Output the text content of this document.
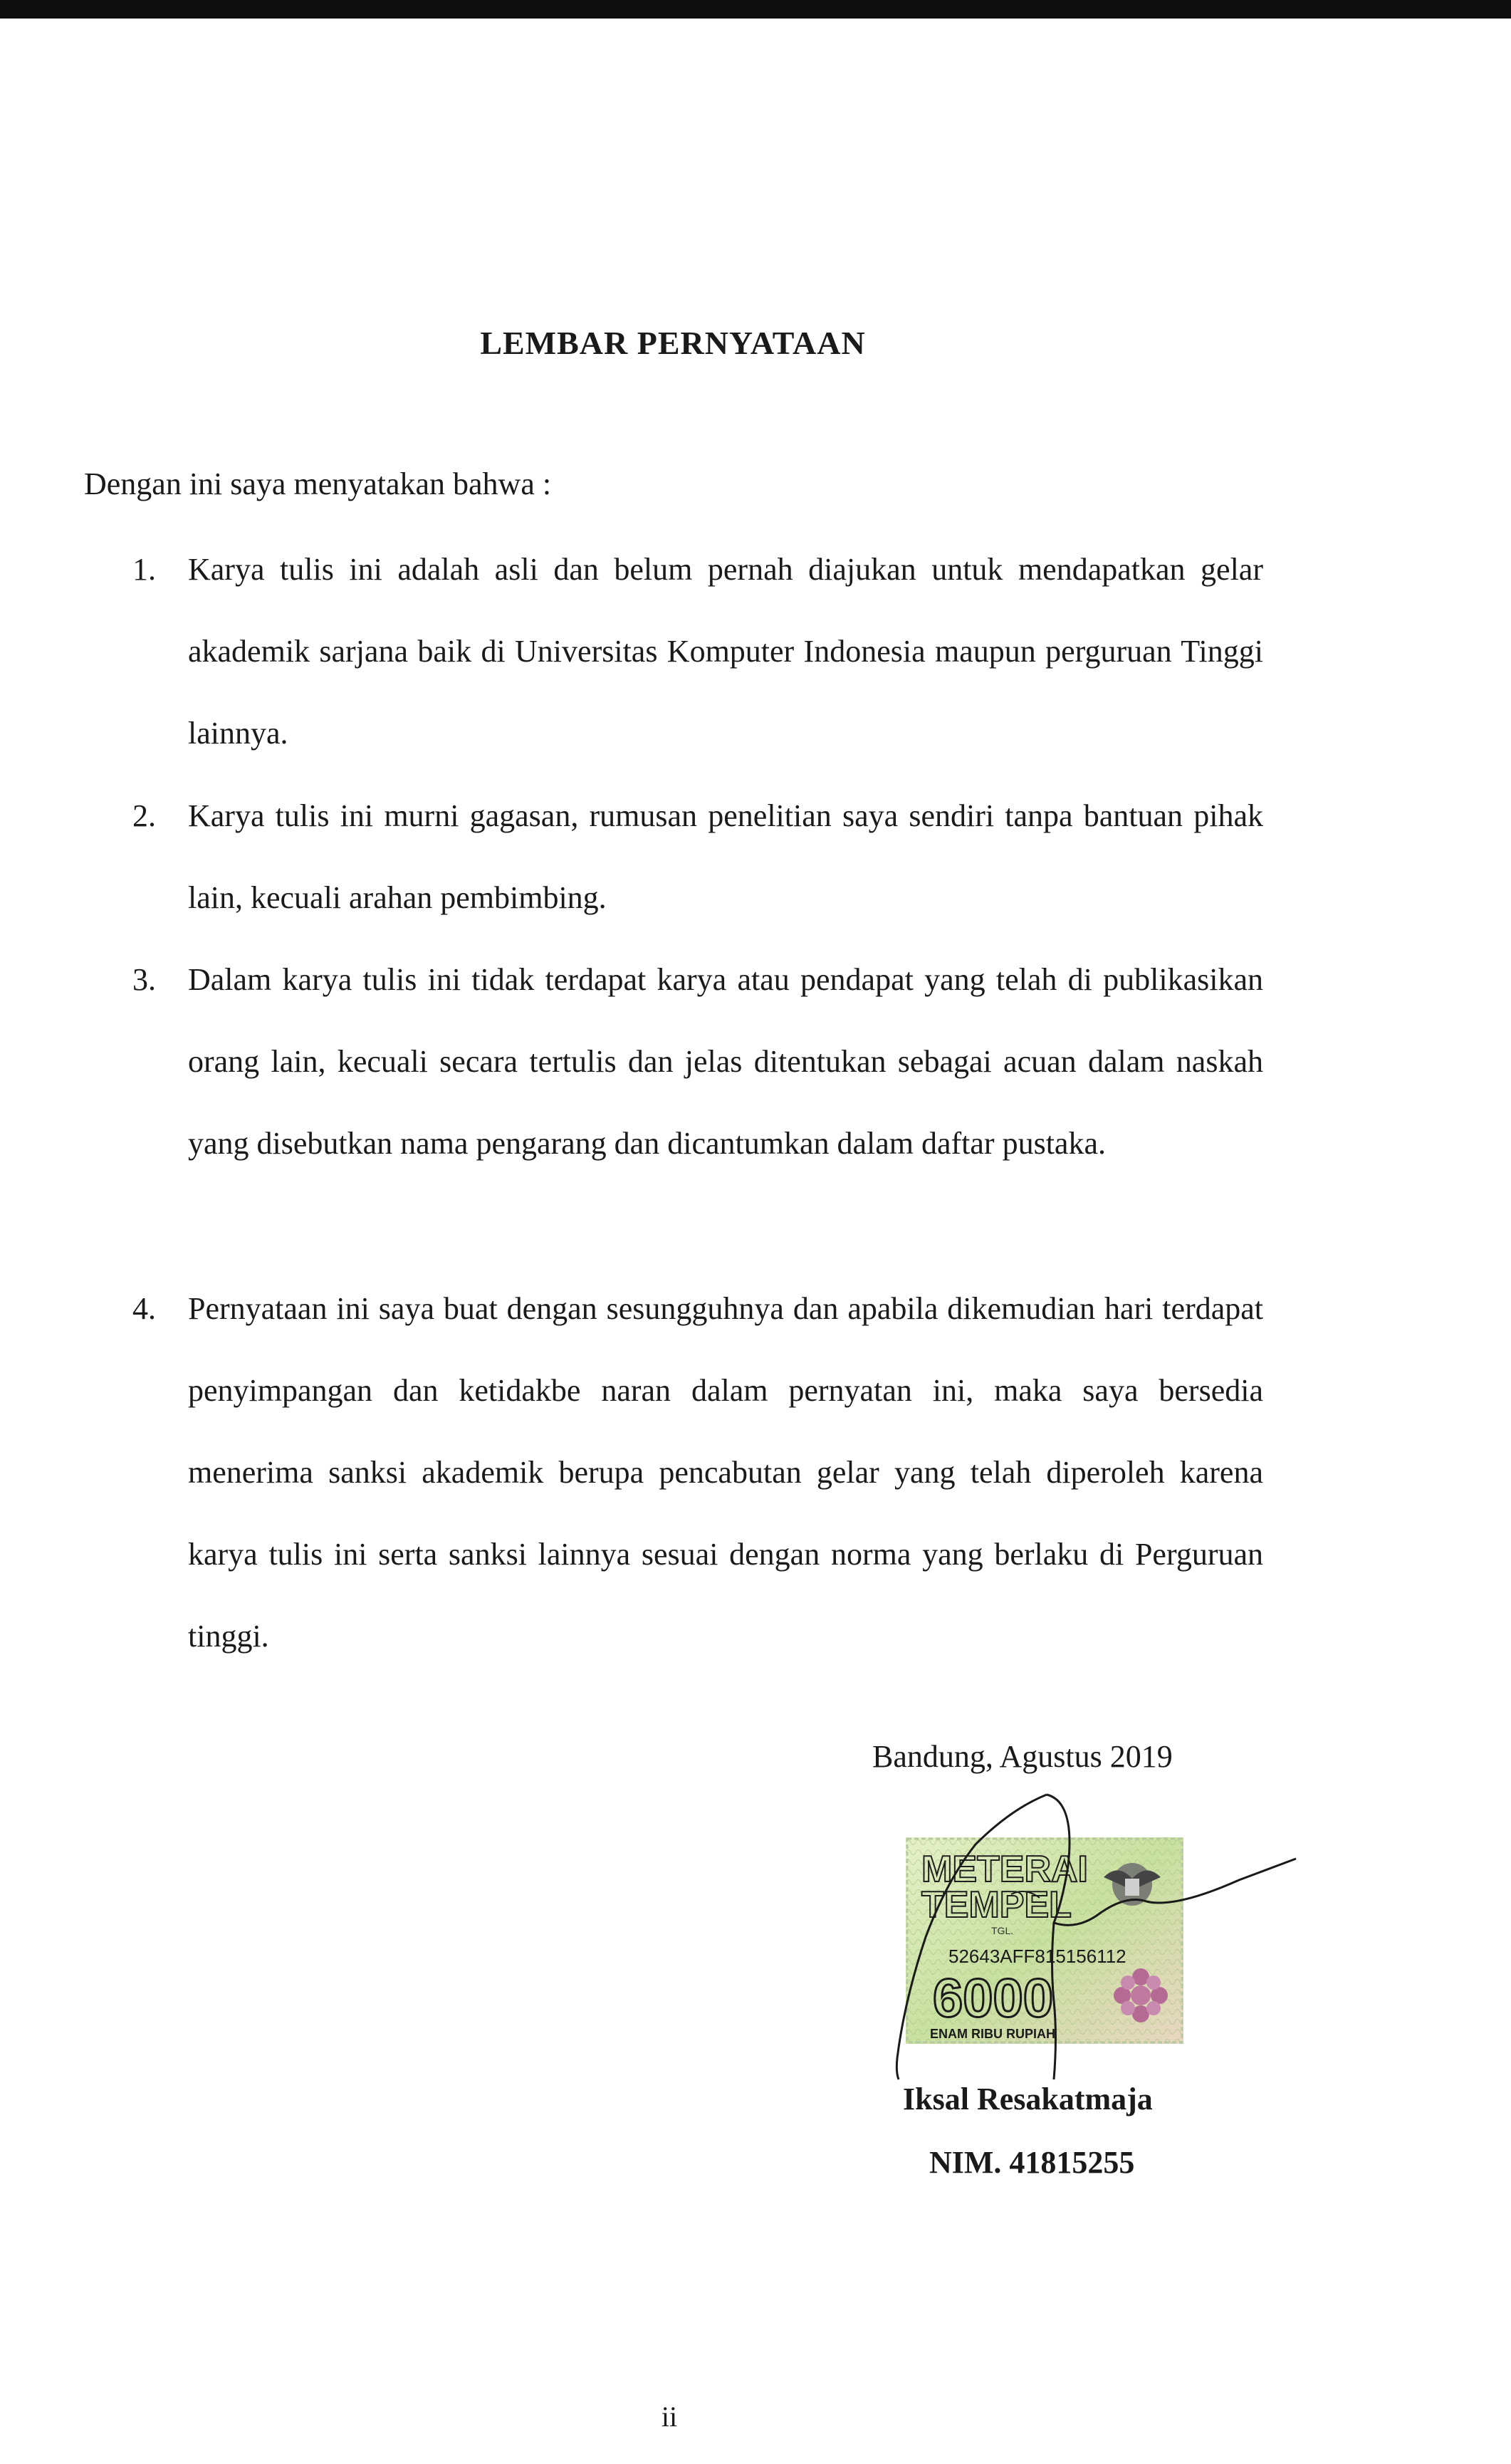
LEMBAR PERNYATAAN
Dengan ini saya menyatakan bahwa :
1. Karya tulis ini adalah asli dan belum pernah diajukan untuk mendapatkan gelar akademik sarjana baik di Universitas Komputer Indonesia maupun perguruan Tinggi lainnya.
2. Karya tulis ini murni gagasan, rumusan penelitian saya sendiri tanpa bantuan pihak lain, kecuali arahan pembimbing.
3. Dalam karya tulis ini tidak terdapat karya atau pendapat yang telah di publikasikan orang lain, kecuali secara tertulis dan jelas ditentukan sebagai acuan dalam naskah yang disebutkan nama pengarang dan dicantumkan dalam daftar pustaka.
4. Pernyataan ini saya buat dengan sesungguhnya dan apabila dikemudian hari terdapat penyimpangan dan ketidakbe naran dalam pernyatan ini, maka saya bersedia menerima sanksi akademik berupa pencabutan gelar yang telah diperoleh karena karya tulis ini serta sanksi lainnya sesuai dengan norma yang berlaku di Perguruan tinggi.
Bandung, Agustus 2019
METERAI
TEMPEL
TGL.
52643AFF815156112
6000
ENAM RIBU RUPIAH
Iksal Resakatmaja
NIM. 41815255
ii
